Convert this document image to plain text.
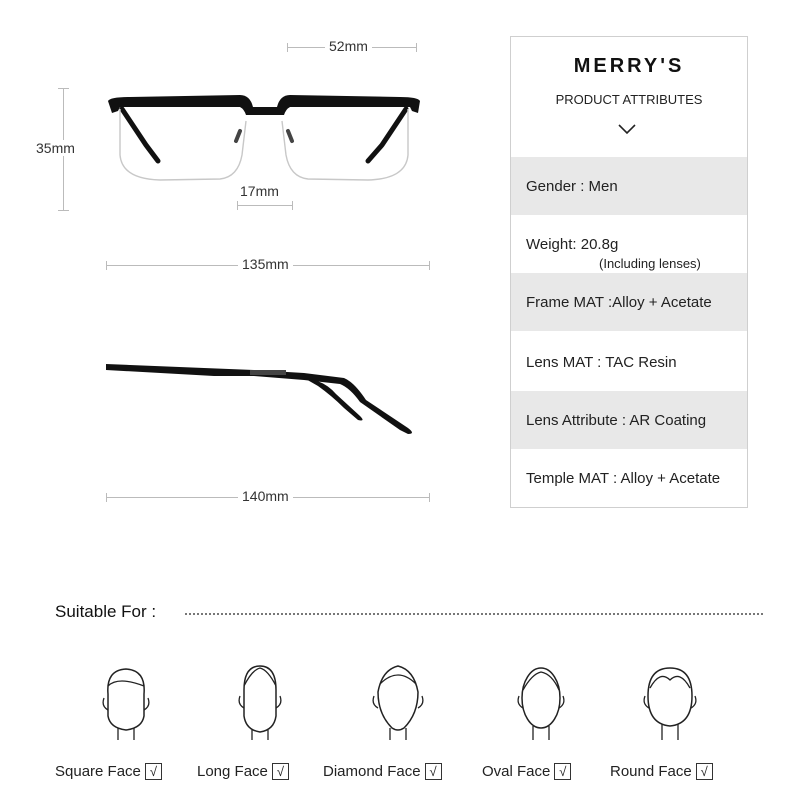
52mm
35mm
17mm
135mm
140mm
MERRY'S
PRODUCT ATTRIBUTES
Gender : Men
Weight: 20.8g
(Including lenses)
Frame MAT :Alloy + Acetate
Lens MAT : TAC Resin
Lens Attribute : AR Coating
Temple MAT : Alloy + Acetate
Suitable For :
Square Face √	Long Face √	Diamond Face √	Oval Face √	Round Face √
